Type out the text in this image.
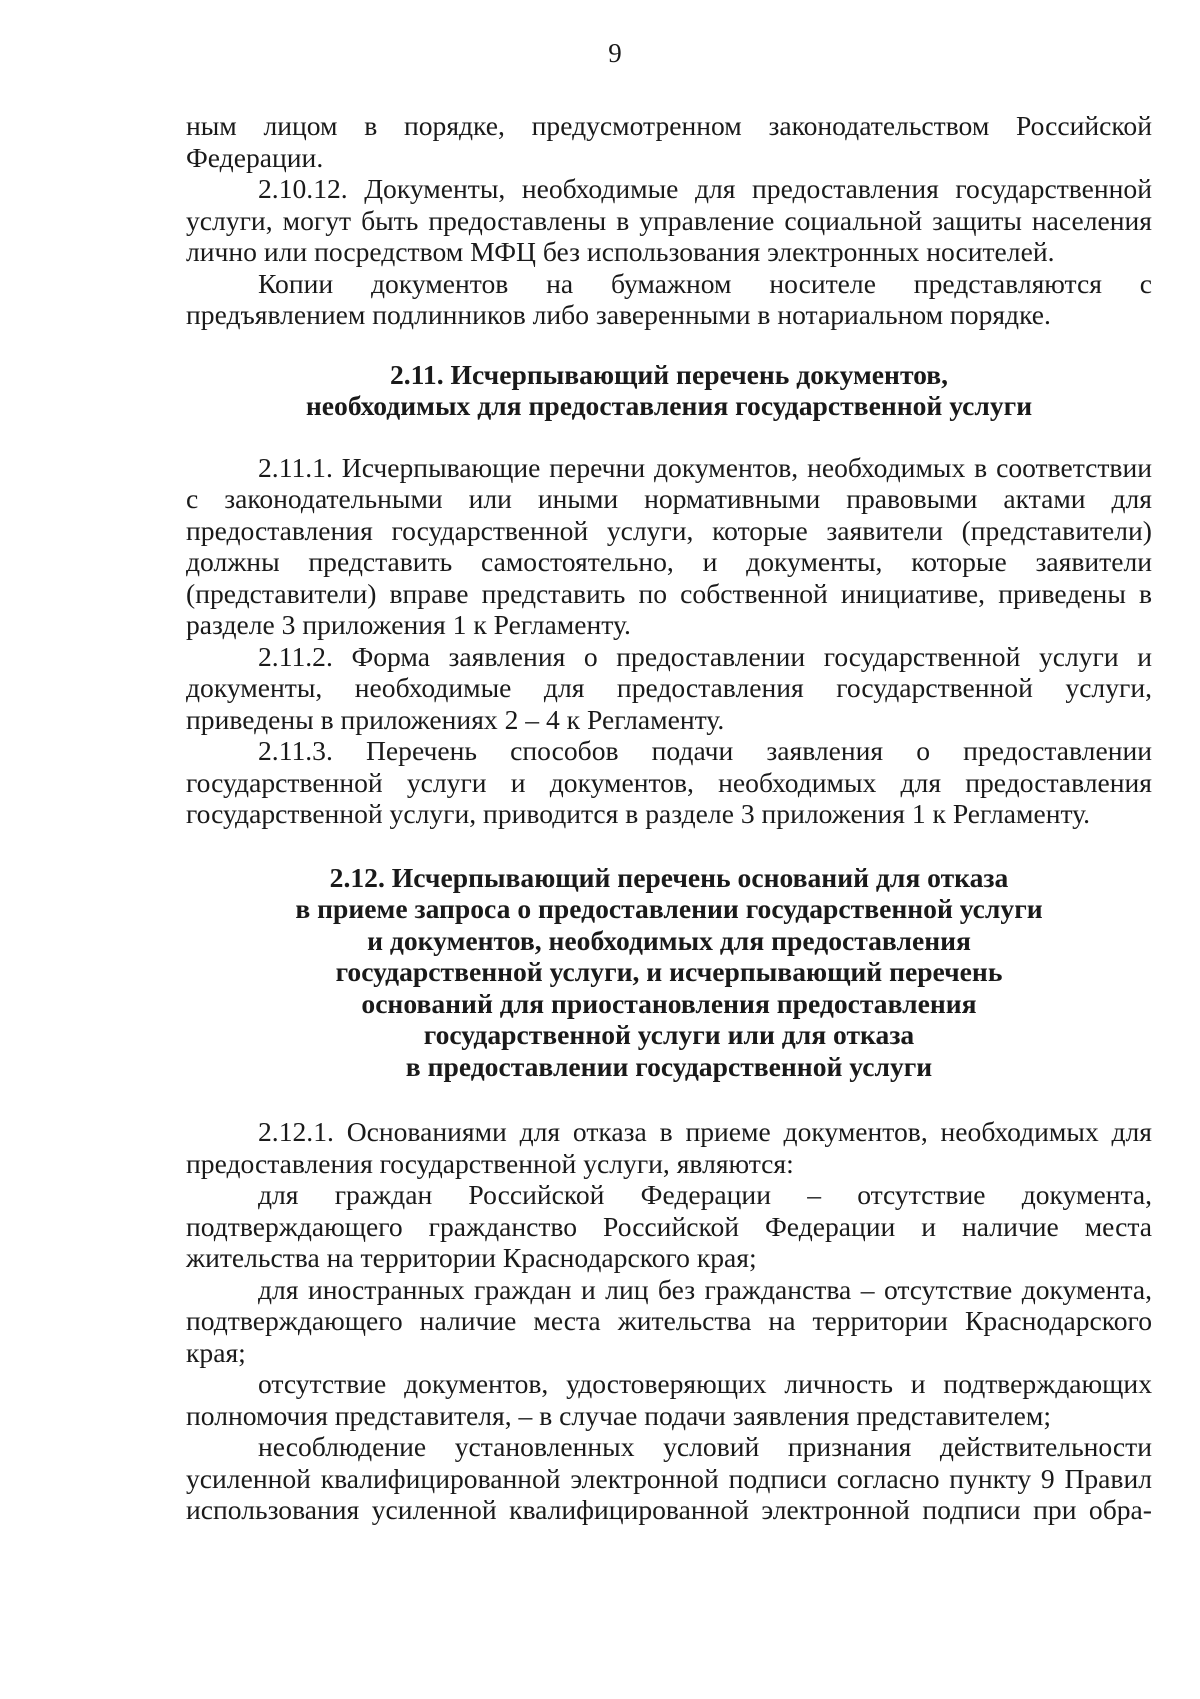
9

ным лицом в порядке, предусмотренном законодательством Российской Федерации.

2.10.12. Документы, необходимые для предоставления государственной услуги, могут быть предоставлены в управление социальной защиты населения лично или посредством МФЦ без использования электронных носителей.

Копии документов на бумажном носителе представляются с предъявлением подлинников либо заверенными в нотариальном порядке.

2.11. Исчерпывающий перечень документов,

необходимых для предоставления государственной услуги

2.11.1. Исчерпывающие перечни документов, необходимых в соответствии с законодательными или иными нормативными правовыми актами для предоставления государственной услуги, которые заявители (представители) должны представить самостоятельно, и документы, которые заявители (представители) вправе представить по собственной инициативе, приведены в разделе 3 приложения 1 к Регламенту.

2.11.2. Форма заявления о предоставлении государственной услуги и документы, необходимые для предоставления государственной услуги, приведены в приложениях 2 – 4 к Регламенту.

2.11.3. Перечень способов подачи заявления о предоставлении государственной услуги и документов, необходимых для предоставления государственной услуги, приводится в разделе 3 приложения 1 к Регламенту.

2.12. Исчерпывающий перечень оснований для отказа

в приеме запроса о предоставлении государственной услуги

и документов, необходимых для предоставления

государственной услуги, и исчерпывающий перечень

оснований для приостановления предоставления

государственной услуги или для отказа

в предоставлении государственной услуги

2.12.1. Основаниями для отказа в приеме документов, необходимых для предоставления государственной услуги, являются:

для граждан Российской Федерации – отсутствие документа, подтверждающего гражданство Российской Федерации и наличие места жительства на территории Краснодарского края;

для иностранных граждан и лиц без гражданства – отсутствие документа, подтверждающего наличие места жительства на территории Краснодарского края;

отсутствие документов, удостоверяющих личность и подтверждающих полномочия представителя, – в случае подачи заявления представителем;

несоблюдение установленных условий признания действительности усиленной квалифицированной электронной подписи согласно пункту 9 Правил использования усиленной квалифицированной электронной подписи при обра-
